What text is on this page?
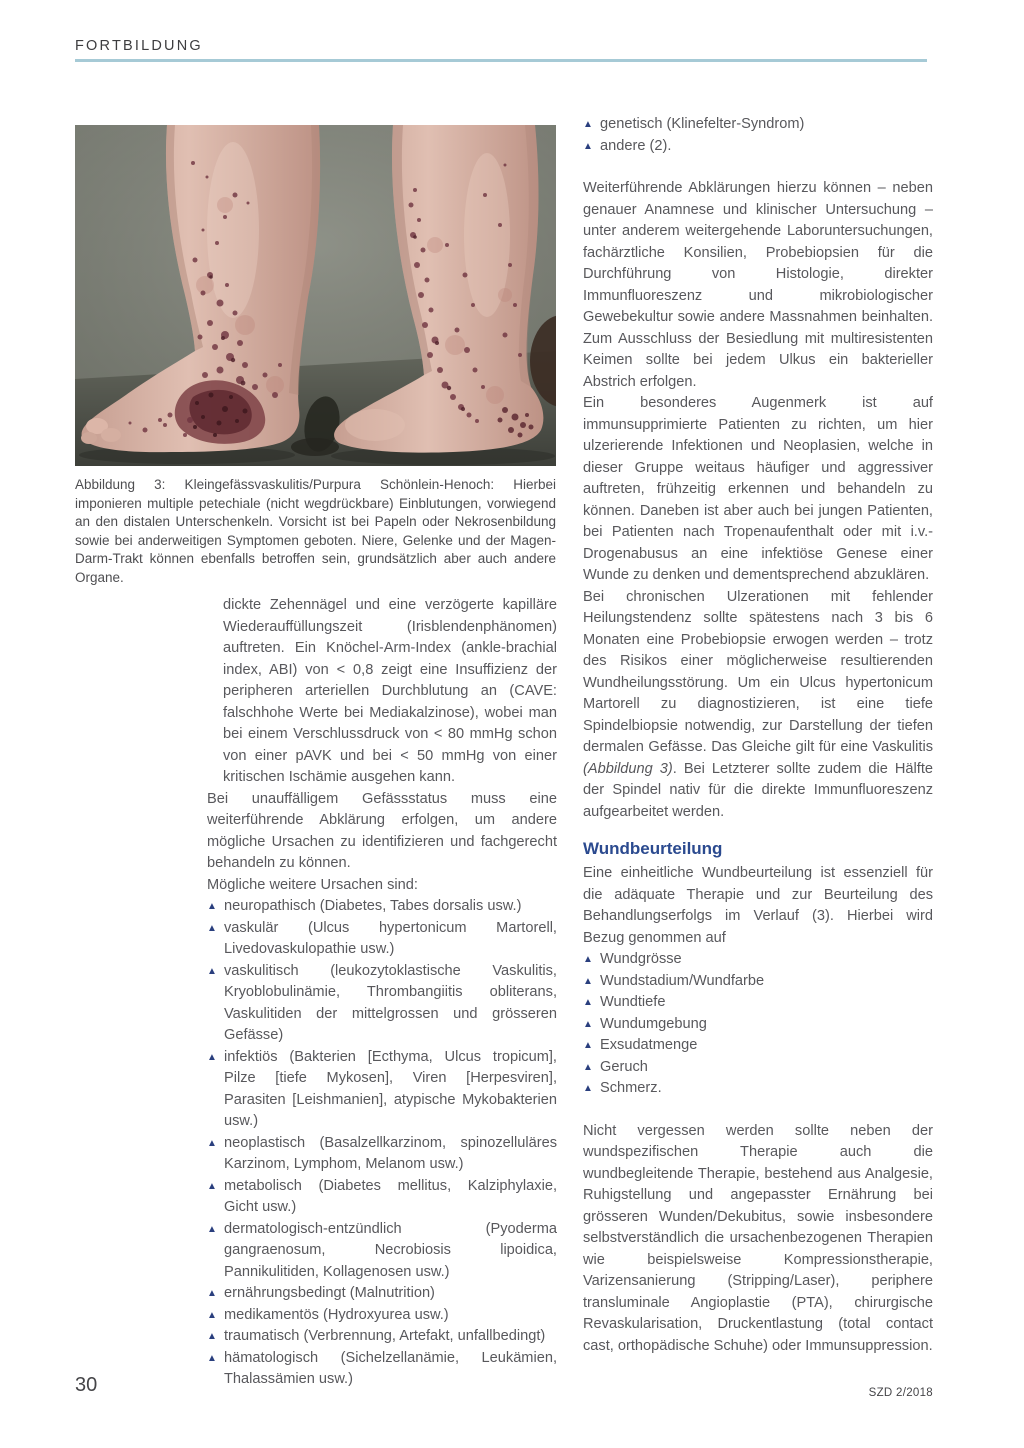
FORTBILDUNG
Abbildung 3: Kleingefässvaskulitis/Purpura Schönlein-Henoch: Hierbei imponieren multiple petechiale (nicht wegdrückbare) Einblutungen, vorwiegend an den distalen Unterschenkeln. Vorsicht ist bei Papeln oder Nekrosenbildung sowie bei anderweitigen Symptomen geboten. Niere, Gelenke und der Magen-Darm-Trakt können ebenfalls betroffen sein, grundsätzlich aber auch andere Organe.

dickte Zehennägel und eine verzögerte kapilläre Wiederauffüllungszeit (Irisblendenphänomen) auftreten. Ein Knöchel-Arm-Index (ankle-brachial index, ABI) von < 0,8 zeigt eine Insuffizienz der peripheren arteriellen Durchblutung an (CAVE: falschhohe Werte bei Mediakalzinose), wobei man bei einem Verschlussdruck von < 80 mmHg schon von einer pAVK und bei < 50 mmHg von einer kritischen Ischämie ausgehen kann.

Bei unauffälligem Gefässstatus muss eine weiterführende Abklärung erfolgen, um andere mögliche Ursachen zu identifizieren und fachgerecht behandeln zu können.

Mögliche weitere Ursachen sind:

▲ neuropathisch (Diabetes, Tabes dorsalis usw.)
▲ vaskulär (Ulcus hypertonicum Martorell, Livedovaskulopathie usw.)
▲ vaskulitisch (leukozytoklastische Vaskulitis, Kryoblobulinämie, Thrombangiitis obliterans, Vaskulitiden der mittelgrossen und grösseren Gefässe)
▲ infektiös (Bakterien [Ecthyma, Ulcus tropicum], Pilze [tiefe Mykosen], Viren [Herpesviren], Parasiten [Leishmanien], atypische Mykobakterien usw.)
▲ neoplastisch (Basalzellkarzinom, spinozelluläres Karzinom, Lymphom, Melanom usw.)
▲ metabolisch (Diabetes mellitus, Kalziphylaxie, Gicht usw.)
▲ dermatologisch-entzündlich (Pyoderma gangraenosum, Necrobiosis lipoidica, Pannikulitiden, Kollagenosen usw.)
▲ ernährungsbedingt (Malnutrition)
▲ medikamentös (Hydroxyurea usw.)
▲ traumatisch (Verbrennung, Artefakt, unfallbedingt)
▲ hämatologisch (Sichelzellanämie, Leukämien, Thalassämien usw.)
▲ genetisch (Klinefelter-Syndrom)
▲ andere (2).

Weiterführende Abklärungen hierzu können – neben genauer Anamnese und klinischer Untersuchung – unter anderem weitergehende Laboruntersuchungen, fachärztliche Konsilien, Probebiopsien für die Durchführung von Histologie, direkter Immunfluoreszenz und mikrobiologischer Gewebekultur sowie andere Massnahmen beinhalten. Zum Ausschluss der Besiedlung mit multiresistenten Keimen sollte bei jedem Ulkus ein bakterieller Abstrich erfolgen.

Ein besonderes Augenmerk ist auf immunsupprimierte Patienten zu richten, um hier ulzerierende Infektionen und Neoplasien, welche in dieser Gruppe weitaus häufiger und aggressiver auftreten, frühzeitig erkennen und behandeln zu können. Daneben ist aber auch bei jungen Patienten, bei Patienten nach Tropenaufenthalt oder mit i.v.-Drogenabusus an eine infektiöse Genese einer Wunde zu denken und dementsprechend abzuklären.

Bei chronischen Ulzerationen mit fehlender Heilungstendenz sollte spätestens nach 3 bis 6 Monaten eine Probebiopsie erwogen werden – trotz des Risikos einer möglicherweise resultierenden Wundheilungsstörung. Um ein Ulcus hypertonicum Martorell zu diagnostizieren, ist eine tiefe Spindelbiopsie notwendig, zur Darstellung der tiefen dermalen Gefässe. Das Gleiche gilt für eine Vaskulitis (Abbildung 3). Bei Letzterer sollte zudem die Hälfte der Spindel nativ für die direkte Immunfluoreszenz aufgearbeitet werden.

Wundbeurteilung

Eine einheitliche Wundbeurteilung ist essenziell für die adäquate Therapie und zur Beurteilung des Behandlungserfolgs im Verlauf (3). Hierbei wird Bezug genommen auf

▲ Wundgrösse
▲ Wundstadium/Wundfarbe
▲ Wundtiefe
▲ Wundumgebung
▲ Exsudatmenge
▲ Geruch
▲ Schmerz.

Nicht vergessen werden sollte neben der wundspezifischen Therapie auch die wundbegleitende Therapie, bestehend aus Analgesie, Ruhigstellung und angepasster Ernährung bei grösseren Wunden/Dekubitus, sowie insbesondere selbstverständlich die ursachenbezogenen Therapien wie beispielsweise Kompressionstherapie, Varizensanierung (Stripping/Laser), periphere transluminale Angioplastie (PTA), chirurgische Revaskularisation, Druckentlastung (total contact cast, orthopädische Schuhe) oder Immunsuppression.

30	SZD 2/2018
